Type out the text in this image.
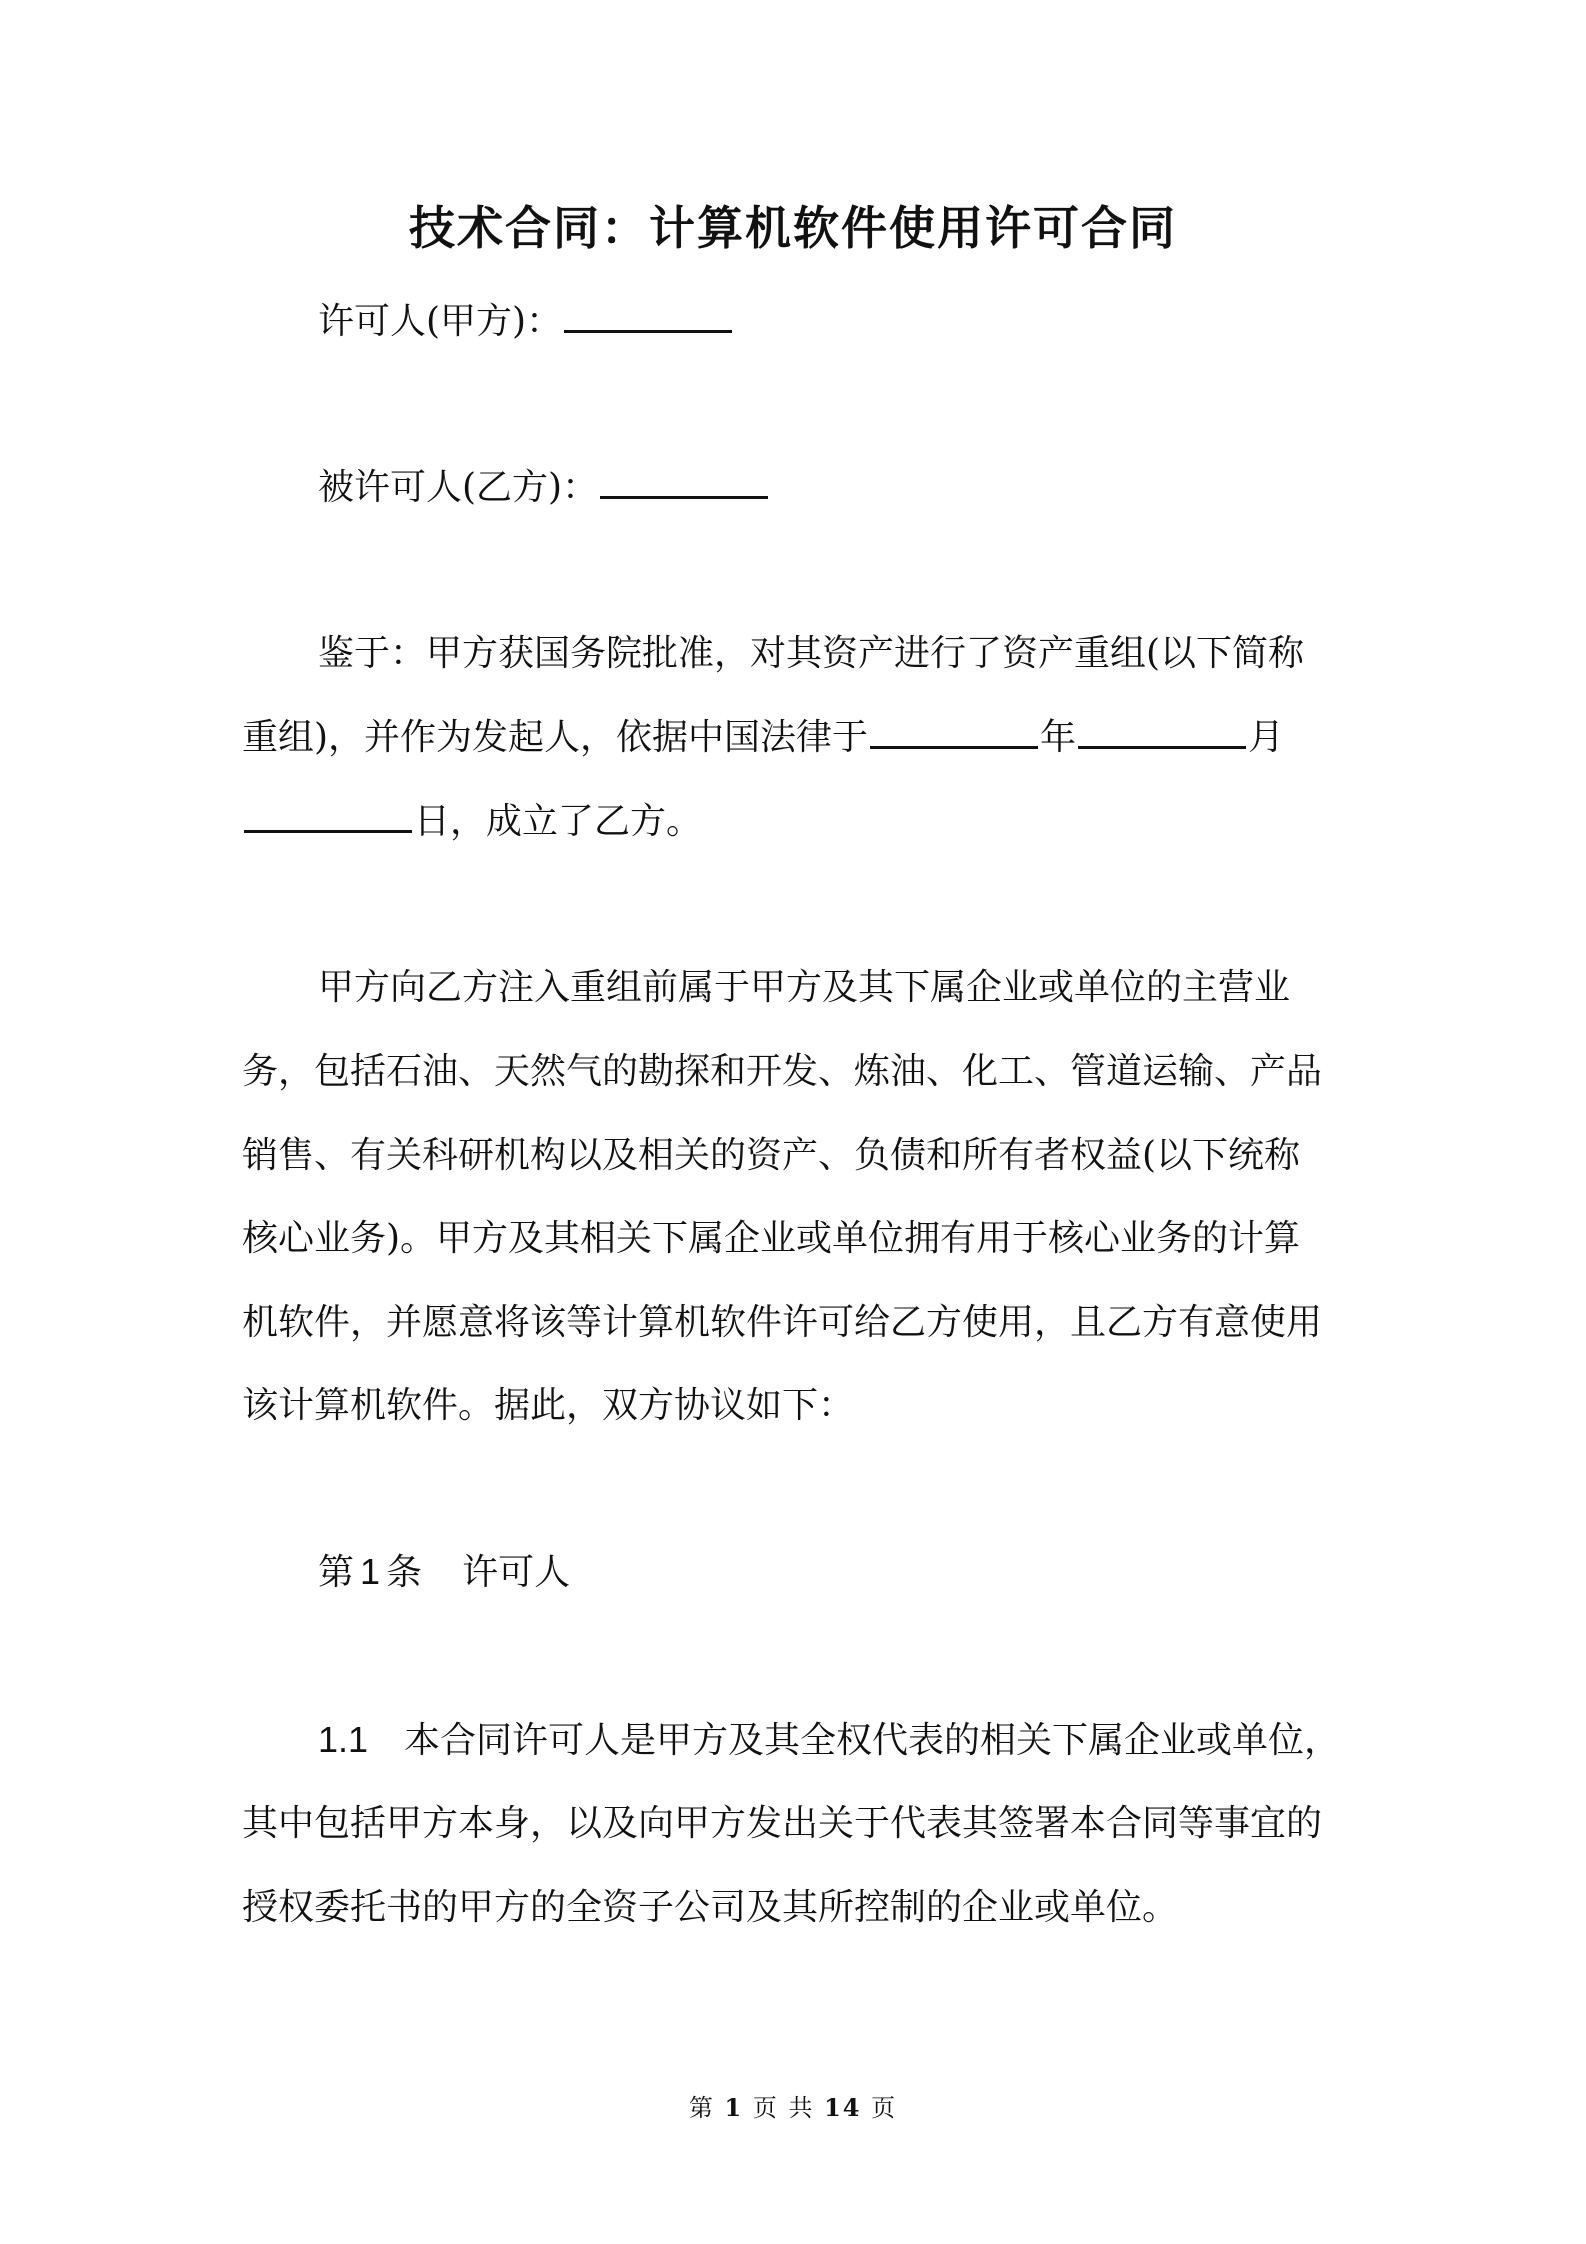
技术合同：计算机软件使用许可合同
许可人(甲方)：
被许可人(乙方)：
鉴于：甲方获国务院批准，对其资产进行了资产重组(以下简称
重组)，并作为发起人，依据中国法律于	年	月
日，成立了乙方。
甲方向乙方注入重组前属于甲方及其下属企业或单位的主营业
务，包括石油、天然气的勘探和开发、炼油、化工、管道运输、产品
销售、有关科研机构以及相关的资产、负债和所有者权益(以下统称
核心业务)。甲方及其相关下属企业或单位拥有用于核心业务的计算
机软件，并愿意将该等计算机软件许可给乙方使用，且乙方有意使用
该计算机软件。据此，双方协议如下：
第 1 条 许可人
1.1 本合同许可人是甲方及其全权代表的相关下属企业或单位，
其中包括甲方本身，以及向甲方发出关于代表其签署本合同等事宜的
授权委托书的甲方的全资子公司及其所控制的企业或单位。
第 1 页 共 14 页
